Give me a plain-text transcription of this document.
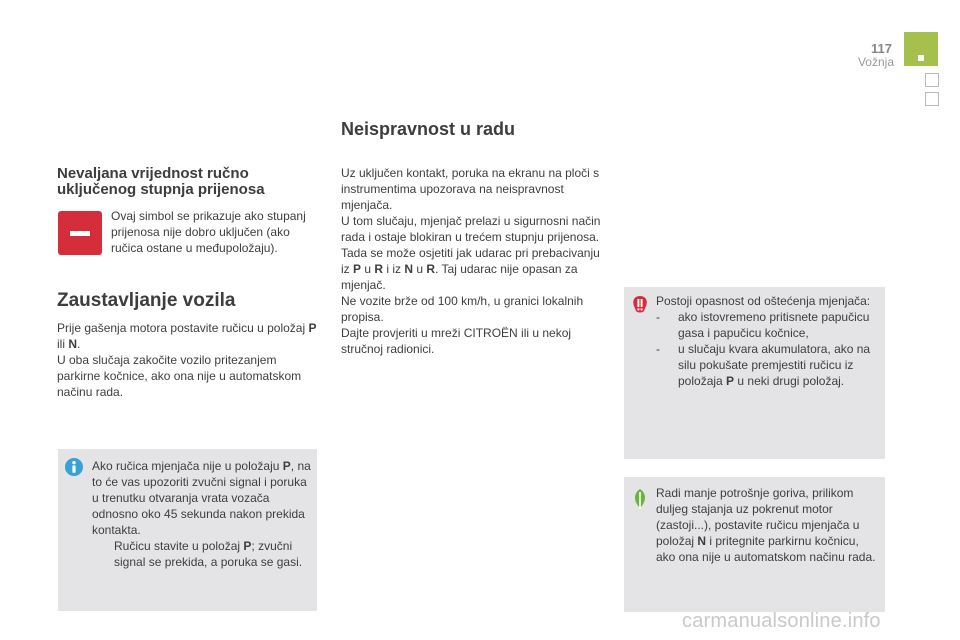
117
Vožnja
Nevaljana vrijednost ručno uključenog stupnja prijenosa

Ovaj simbol se prikazuje ako stupanj prijenosa nije dobro uključen (ako ručica ostane u međupoložaju).

Zaustavljanje vozila

Prije gašenja motora postavite ručicu u položaj P ili N.

U oba slučaja zakočite vozilo pritezanjem parkirne kočnice, ako ona nije u automatskom načinu rada.

Ako ručica mjenjača nije u položaju P, na to će vas upozoriti zvučni signal i poruka u trenutku otvaranja vrata vozača odnosno oko 45 sekunda nakon prekida kontakta.

Ručicu stavite u položaj P; zvučni signal se prekida, a poruka se gasi.

Neispravnost u radu

Uz uključen kontakt, poruka na ekranu na ploči s instrumentima upozorava na neispravnost mjenjača.

U tom slučaju, mjenjač prelazi u sigurnosni način rada i ostaje blokiran u trećem stupnju prijenosa. Tada se može osjetiti jak udarac pri prebacivanju iz P u R i iz N u R. Taj udarac nije opasan za mjenjač.

Ne vozite brže od 100 km/h, u granici lokalnih propisa.

Dajte provjeriti u mreži CITROËN ili u nekoj stručnoj radionici.

Postoji opasnost od oštećenja mjenjača:

- ako istovremeno pritisnete papučicu gasa i papučicu kočnice,

- u slučaju kvara akumulatora, ako na silu pokušate premjestiti ručicu iz položaja P u neki drugi položaj.

Radi manje potrošnje goriva, prilikom duljeg stajanja uz pokrenut motor (zastoji...), postavite ručicu mjenjača u položaj N i pritegnite parkirnu kočnicu, ako ona nije u automatskom načinu rada.

carmanualsonline.info
